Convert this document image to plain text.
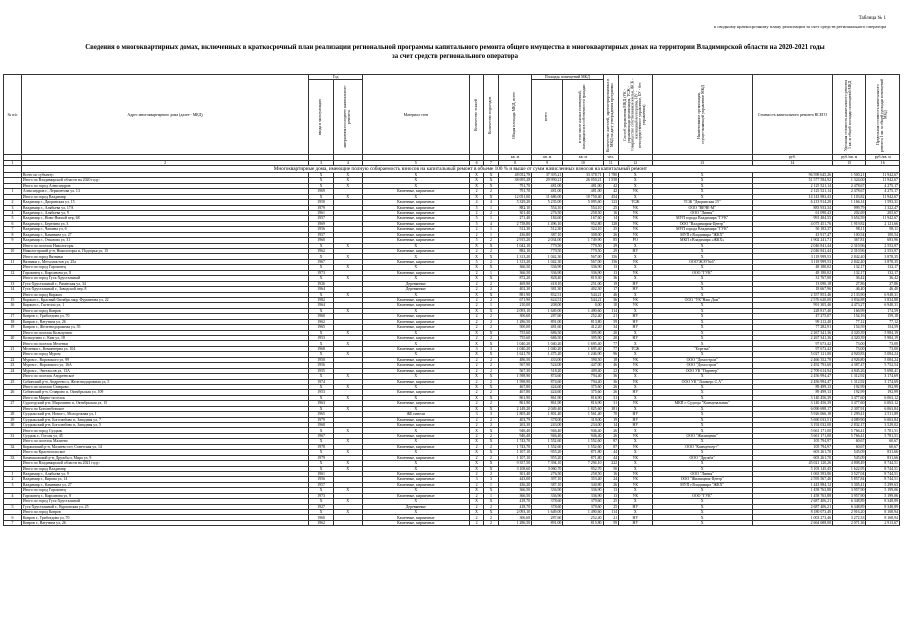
Таблица № 1
к сводному краткосрочному плану реализации за счет средств регионального оператора
Сведения о многоквартирных домах, включенных в краткосрочный план реализации региональной программы капитального ремонта общего имущества в многоквартирных домах на территории Владимирской области на 2020-2021 годы
за счет средств регионального оператора
№ п/п	Адрес многоквартирного дома (далее - МКД)	Год		Материал стен	Количество этажей	Количество подъездов	Общая площадь МКД, всего	Площадь помещений МКД		Количество жителей, зарегистрированных в МКД на дату утверждения программы	Способ управления МКД (УК - управляющая организация, ТСЖ - товарищество собственников жилья, ЖСК - жилищный кооператив, НУ - непосредственное управление, БУ - без управления)	Наименование организации, осуществляющей управление МКД	Стоимость капитального ремонта ВСЕГО	Удельная стоимость капитального ремонта 1 кв. м общей площади помещений МКД	Предельная стоимость капитального ремонта 1 кв. м общей площади помещений МКД

		ввода в эксплуатацию	завершения последнего капитального ремонта					всего	в том числе жилых помещений, находящихся в собственности граждан						

							кв. м	кв. м	кв. м	чел.			руб.	руб./кв. м	руб./кв. м
1	2	3	4	5	6	7	8	9	10	11	12	13	14	15	16
	Многоквартирные дома, имеющие полную собираемость взносов на капитальный ремонт в объеме 100 % и выше от сумм начисленных взносов на капитальный ремонт														
	Всего по субъекту:	X	X	X	X	X	48 052,78	37 395,21	33 378,71	1 780	X	X	96 598 645,26	1 500,21	11 942,67
	Итого по Владимирской области на 2020 году:	X	X	X	X	X	38 695,28	29 990,21	26 050,21	1 558	X	X	51 577 584,92	1 324,00	11 942,67
	Итого по город Александров	X	X	X	X	X	791,70	481,00	481,00	42	X	X	2 125 521,14	2 478,67	4 275,17
1	Александров г., Лермонтова ул. 13	1969		Каменные, кирпичные	2	2	791,70	481,00	481,00	42	УК	X	2 125 521,14	2 478,67	4 275,17
	Итого по город Владимир	X	X	X	X	X	12 051,00	11 686,00	10 750,40	454	X	X	14 143 983,43	1 103,82	11 942,67
2	Владимир г., Дворянская ул, 15	1950		Каменные, кирпичные	4	4	5 329,20	5 235,00	5 095,60	123	ТСЖ	ТСЖ "Дворянская 15"	6 213 914,20	1 166,14	1 593,31
3	Владимир г., Алябьева ул, 17А	1979		Каменные, кирпичные	5	1	882,10	554,10	554,10	25	УК	ООО "ВЕЧЕ-М"	883 933,34	999,79	1 322,47
4	Владимир г., Алябьева ул, 9	1961		Каменные, кирпичные	2	2	301,40	276,50	258,50	16	УК	ООО "Линия"	61 090,43	202,69	205,67
5	Владимир г., Ново-Ямской пер, 68	1957		Каменные, кирпичные	5	1	271,40	184,60	167,60	14	УК	МУП города Владимира "ГУК"	991 484,55	3 654,59	11 942,67
6	Владимир г., Березина ул, 3	1969		Каменные, кирпичные	5	4	2 758,80	1 496,10	952,80	128	УК	ООО "Владимирия-Центр"	4 075 451,76	1 919,82	2 121,66
7	Владимир г., Чапаева ул, 6	1956		Каменные, кирпичные	2	1	512,30	512,30	324,10	25	УК	МУП города Владимира "ГУК"	50 183,37	98,11	98,11
8	Владимир г., Каманина ул, 27	1957		Каменные, кирпичные	2	1	436,80	387,10	308,00	26	УК	МУП г.Владимира "ЖКХ"	43 917,47	100,54	100,54
9	Владимир г., Отказова ул, 31	1960		Каменные, кирпичные	5	2	2 915,20	2 034,00	1 749,90	85	РО	МКП г.Владимира «ЖКХ»	1 902 241,71	367,81	683,96
	Итого по поселок Никологоры	X	X	X	X	X	1 042,10	779,50	779,50	29	X	X	2 046 841,44	2 310,96	2 553,97
10	Никологорский р-н, Никологоры п, Подгорья ул, 15	1962		Каменные, кирпичные	2	2	882,10	779,50	779,50	29	НУ	X	2 046 841,44	2 310,96	2 553,97
	Итого по город Вязники	X	X	X	X	X	1 313,20	1 042,30	567,00	156	X	X	3 118 999,53	2 842,40	3 878,35
11	Вязники г., Металлистов ул, 25а	1967		Каменные, кирпичные	5	2	1 313,20	1 042,30	567,00	156	УК	ООО"ЖЭУ№6"	3 118 999,53	2 842,40	3 878,35
	Итого по город Гороховец	X	X	X	X	X	366,50	336,90	336,90	13	X	X	48 180,02	132,17	132,17
12	Гороховец г., Кирсанова ул, 8	1973		Каменные, кирпичные	2	1	366,50	336,90	336,90	13	УК	ООО "ГУК"	48 180,02	132,17	132,17
	Итого по город Гусь-Хрустальный	X	X	X	X	X	872,20	828,40	819,30	36	X	X	31 767,00	36,42	36,42
13	Гусь-Хрустальный г., Рязанская ул, 34	1926		Деревянные	2	2	469,90	418,10	251,00	19	НУ	X	13 090,18	27,86	27,86
14	Гусь-Хрустальный г., Заводской пер, 8	1964		Деревянные	2	2	402,30	381,30	402,30	17	НУ	X	18 667,96	46,40	46,40
	Итого по город Киржач	X	X	X	X	X	881,90	832,51	544,21	46	X	X	2 357 853,46	2 133,90	6 948,31
15	Киржач г., Красный Октябрь мкр, Фурманова ул, 22	1982		Каменные, кирпичные	2	2	671,90	624,51	544,21	36	УК	ООО "УК"Наш Дом"	2 576 620,00	3 834,88	3 834,88
16	Киржач г., Гастелло ул, 1	1964		Каменные, кирпичные	2	1	210,00	208,00	0,00	10	УК	X	991 305,46	4 473,27	6 948,31
	Итого по город Ковров	X	X	X	X	X	2 093,10	1 649,00	1 490,60	114	X	X	228 817,40	166,99	174,59
17	Ковров г., Грибоедова ул, 70	1960		Каменные, кирпичные	2	2	306,60	287,60	252,40	21	НУ	X	47 275,07	154,16	159,18
18	Ковров г., Ватутина ул, 26	1962		Каменные, кирпичные	2	2	1 286,50	891,00	813,80	59	НУ	X	99 212,40	77,12	77,12
19	Ковров г., Железнодорожная ул, 55	1965		Каменные, кирпичные	2	2	500,00	481,60	412,20	34	НУ	X	77 282,91	154,59	154,59
	Итого по поселок Кольчугино	X	X	X	X	X	755,60	686,50	395,90	20	X	X	2 267 341,36	4 320,39	5 984,19
20	Кольчугино г., Ким ул, 18	1953		Каменные, кирпичные	2	2	755,60	686,50	395,90	20	НУ	X	2 267 341,36	4 320,39	5 984,19
	Итого по поселок Меленки	X	X	X	X	X	1 040,20	1 040,20	1 695,40	77	X	X	97 673,42	73,00	73,00
21	Меленки г., Коминтерна ул, 104	1968		Каменные, кирпичные	3	3	1 040,20	1 040,20	1 695,40	77	ТСЖ	"Березка"	97 673,42	73,00	73,00
	Итого по город Муром	X	X	X	X	X	1 621,70	1 475,20	1 246,90	96	X	X	5 027 121,00	4 920,83	5 084,24
22	Муром г., Воровского ул, 99	1950		Каменные, кирпичные	2	2	486,50	433,00	390,50	18	УК	ООО "Домострои"	2 466 352,78	4 926,80	5 084,24
23	Муром г., Воровского ул, 16А	1956		Каменные, кирпичные	2	2	567,90	524,00	447,00	46	УК	ООО "Домострои"	2 492 793,60	4 387,47	5 752,54
24	Муром г., Энгельсов ул, 13А	1955		Каменные, кирпичные	2	2	567,30	518,20	409,40	22	УК	ООО УК "Партнер"	2 709 614,94	4 845,26	5 698,41
	Итого по поселок Андреевское	X	X	X	X	X	1 598,90	874,60	794,40	36	X	X	2 456 994,47	1 312,92	3 174,69
25	Собинский р-н, Андреево п, Железнодорожная ул, 5	1974		Каменные, кирпичные	2	2	1 598,90	874,60	794,40	36	УК	ООО УК "Ломмерс С.А"	2 456 994,47	1 312,92	3 174,69
	Итого по поселок Ставрово	X	X	X	X	X	467,80	424,60	375,60	26	X	X	89 499,13	192,99	192,99
26	Собинский р-н, Ставрово п, Октябрьская ул, 109	1953		Каменные, кирпичные	2	2	467,80	424,60	375,60	26	НУ	X	89 499,13	192,99	192,99
	Итого по Мирно-поселок	X	X	X	X	X	861,90	861,90	816,90	31	X	X	3 140 456,39	3 477,60	6 063,12
27	Судогодский р-н, Мирошино п, Октябрьская ул, 15	1963		Каменные, кирпичные	2	2	861,90	861,90	816,90	31	УК	МКП г. Судогда "Коммунальник"	3 140 456,39	3 477,60	6 063,12
	Итого по Боголюбовское	X	X	X	X	X	2 149,20	2 049,40	1 825,60	181	X	X	6 090 698,17	2 307,91	6 063,84
28	Суздальский р-н, Новое с, Молодежная ул, 1	1965		ЖБ панели	3	3	1 805,40	1 801,40	1 561,40	70	НУ	X	5 926 066,18	1 299,41	2 511,89
29	Суздальский р-н, Боголюбово п, Западная ул, 7	1979		Каменные, кирпичные	2	2	403,79	378,00	319,00	19	НУ	X	5 690 033,51	4 089,90	6 063,84
30	Суздальский р-н, Боголюбово п, Западная ул, 5	1968		Каменные, кирпичные	2	2	263,30	243,00	234,00	14	НУ	X	3 192 032,00	2 832,17	3 529,02
	Итого по город Суздаль	X	X	X	X	X	946,40	946,40	946,40	26	X	X	5 661 171,00	5 766,41	5 781,51
31	Суздаль г., Гоголя ул, 45	1967		Каменные, кирпичные	2	2	946,40	946,40	946,40	26	УК	ООО "Жилищник"	5 661 171,00	5 766,41	5 781,51
	Итого по поселок Малиево	X	X	X	X	X	1 743,70	1 552,60	1 552,60	87	X	X	105 794,97	60,67	60,67
32	Киржачский р-н, Малиево пгт, Советская ул, 14	1978		Каменные, кирпичные	2	2	1 743,70	1 552,60	1 552,60	87	УК	ООО "Коммунсер+"	105 794,97	60,67	60,67
	Итого по Красносельское	X	X	X	X	X	1 107,10	955,20	871,80	44	X	X	603 261,70	545,09	831,66
33	Камешковский р-н, Дружба п, Мира ул, 9	1979		Каменные, кирпичные	2	2	1 107,10	955,20	871,80	44	УК	ООО "Дружба"	603 261,70	545,09	831,66
	Итого по Владимирской области на 2021 году:	X	X	X	X	X	9 357,50	7 394,10	7 294,10	222	X	X	45 021 120,26	4 808,49	8 744,51
	Итого по город Владимир	X	X	X	X	X	3 108,60	3 060,70	952,70	50	X	X	5 103 145,45	1 622,95	8 744,51
1	Владимир г., Алябьева ул, 9	1961		Каменные, кирпичные	2	2	301,40	276,50	258,50	16	УК	ООО "Линия"	1 063 593,86	3 527,04	8 744,51
2	Владимир г., Кирова ул, 14	1956		Каменные, кирпичные	3	3	443,00	397,10	353,40	24	УК	ООО "Жилищник-Центр"	2 595 567,46	5 857,84	8 744,51
3	Владимир г., Каманина ул, 27	1957		Каменные, кирпичные	2	1	436,20	387,10	340,80	26	УК	МУП г.Владимира "ЖКХ"	1 443 984,12	3 305,41	5 299,63
	Итого по город Гороховец	X	X	X	X	X	366,50	336,90	336,90	13	X	X	1 458 763,88	3 957,90	5 199,06
4	Гороховец г., Кирсанова ул, 8	1973		Каменные, кирпичные	2	1	366,50	336,90	336,90	13	УК	ООО "ГУК"	1 458 763,88	3 957,90	5 199,06
	Итого по город Гусь-Хрустальный	X	X	X	X	X	418,70	378,60	379,60	25	X	X	2 687 406,21	6 348,89	8 348,89
5	Гусь-Хрустальный г., Курловская ул, 25	1927		Деревянные	2	2	418,70	378,60	379,60	25	НУ	X	2 687 406,21	6 348,89	8 348,89
	Итого по город Ковров	X	X	X	X	X	2 093,10	1 649,00	1 490,60	114	X	X	8 180 073,40	2 916,20	8 168,94
6	Ковров г., Грибоедова ул, 70	1960		Каменные, кирпичные	2	2	306,60	287,60	252,40	21	НУ	X	1 003 273,46	3 272,33	8 168,94
7	Ковров г., Ватутина ул, 26	1962		Каменные, кирпичные	2	2	1 286,50	891,00	815,80	59	НУ	X	2 664 688,00	2 071,36	2 913,67
